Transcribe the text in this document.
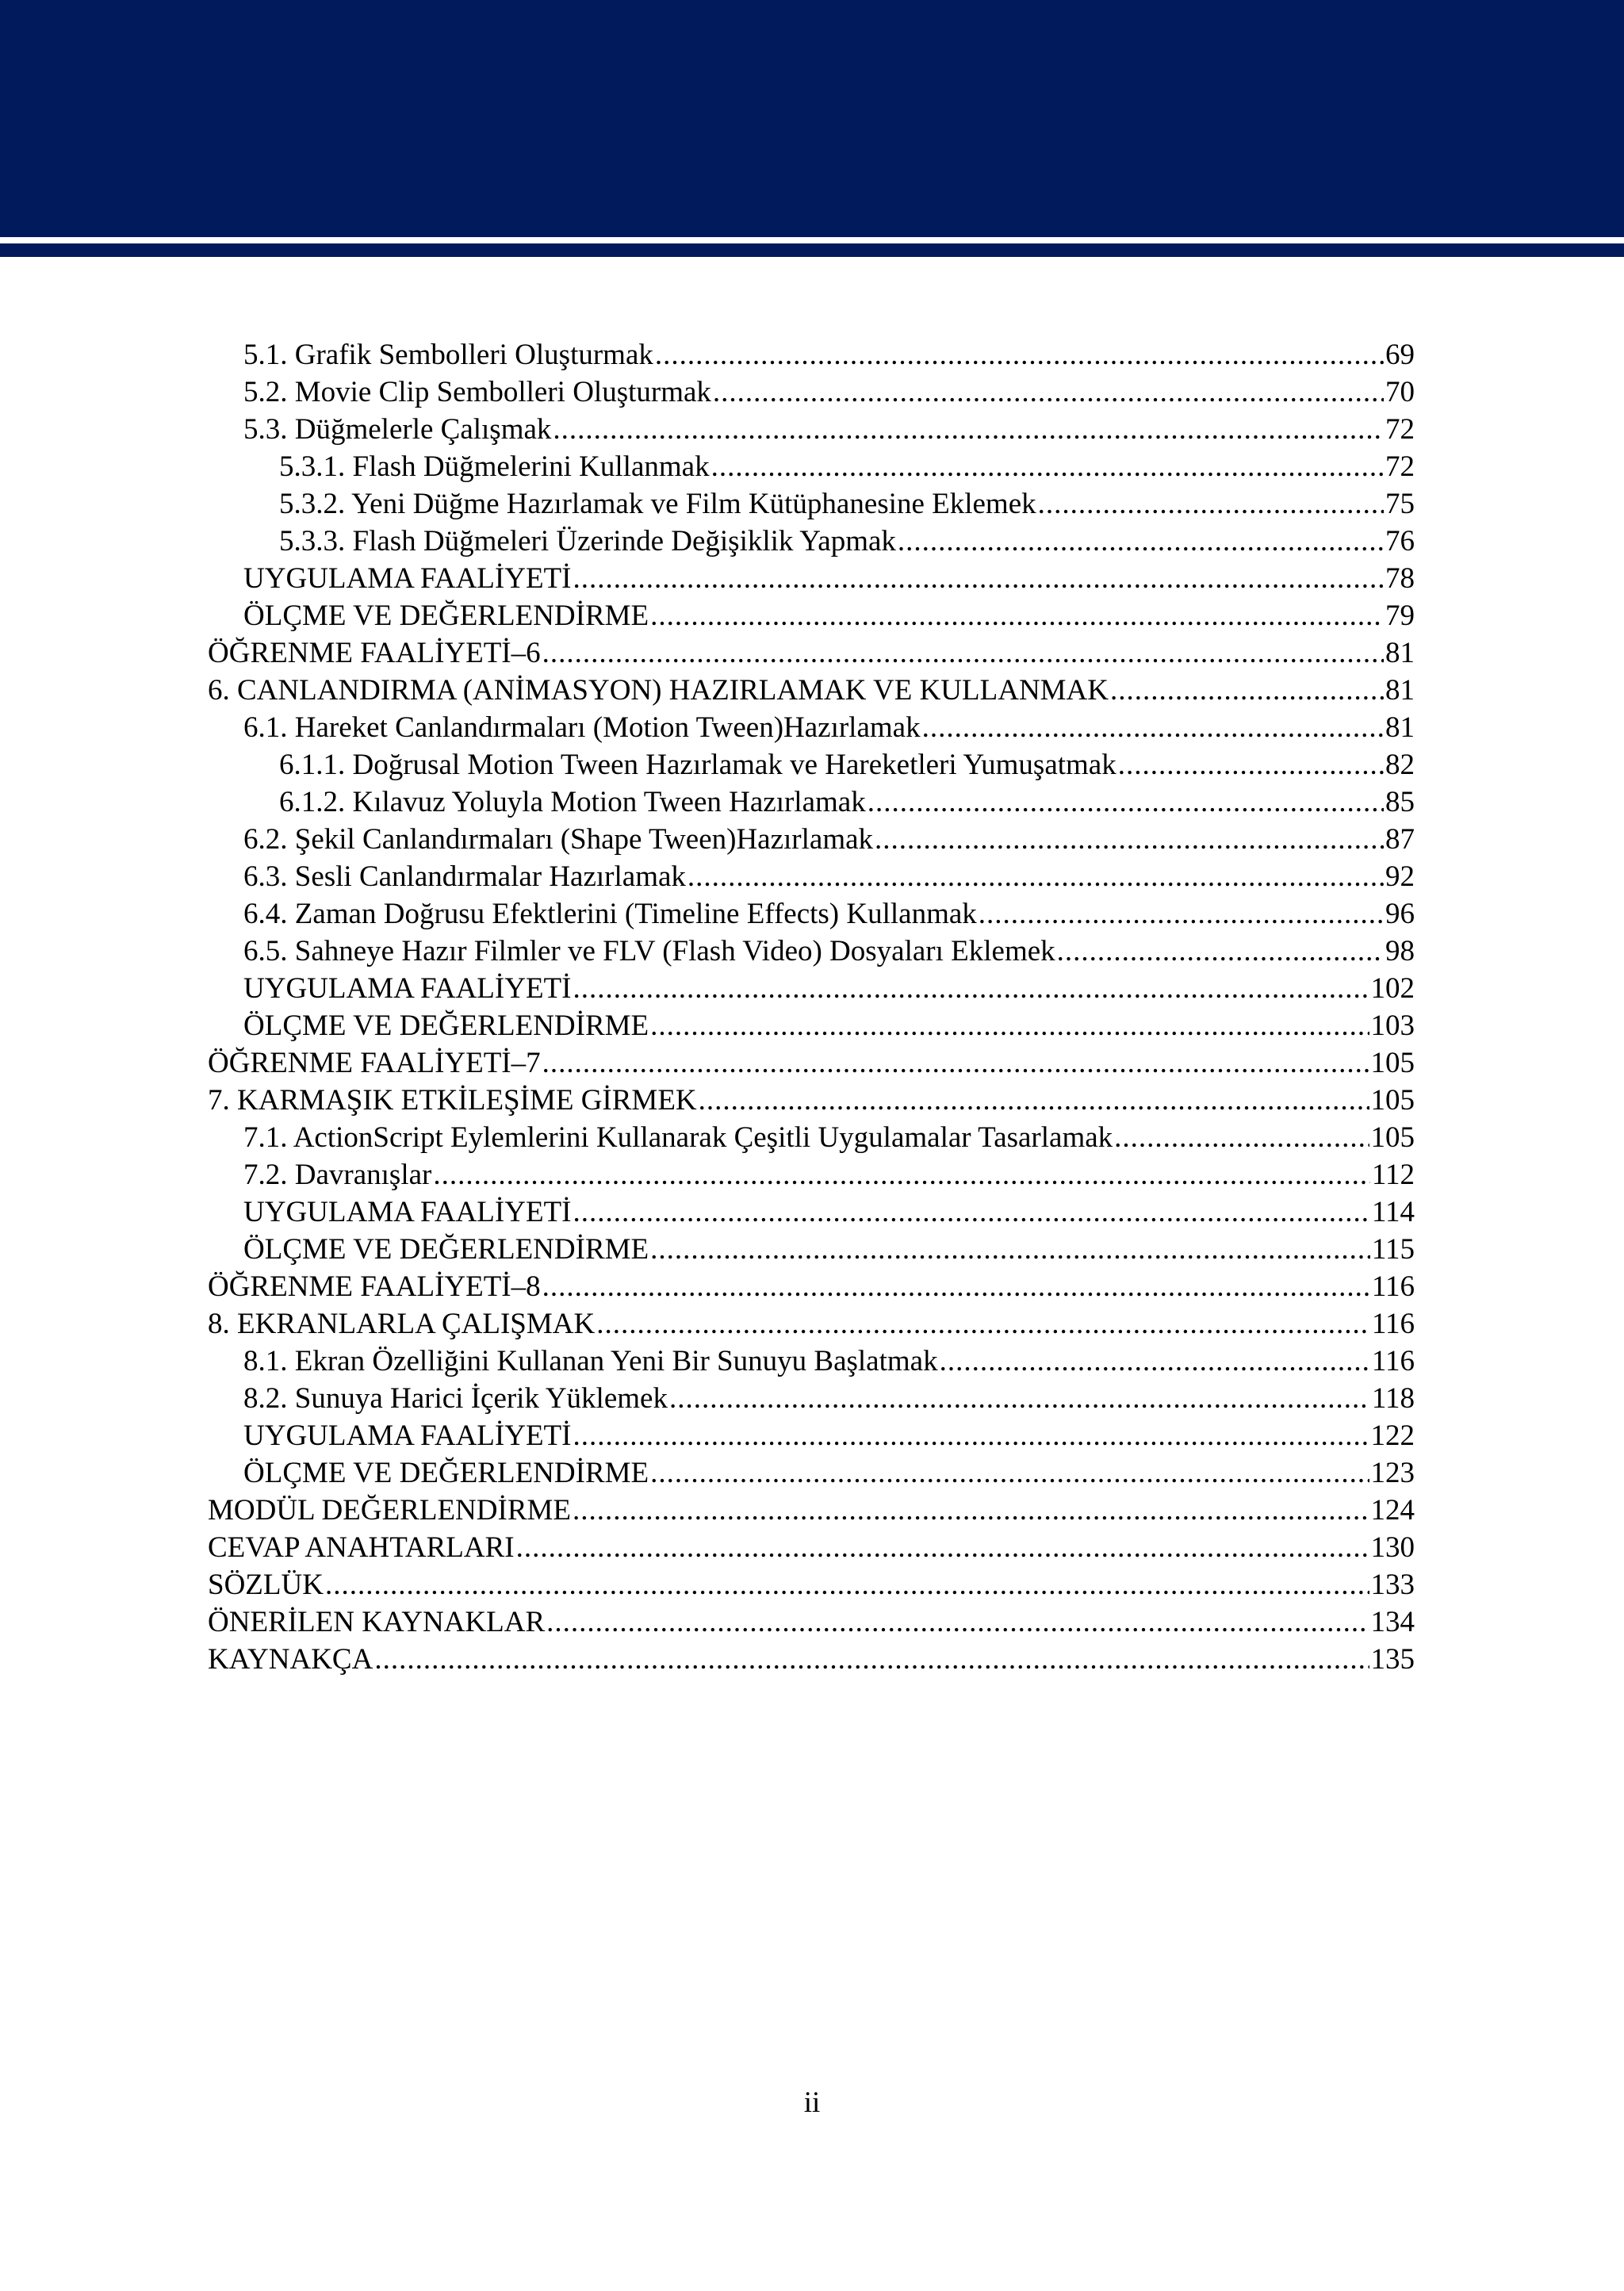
5.1. Grafik Sembolleri Oluşturmak .....	69
5.2. Movie Clip Sembolleri Oluşturmak .....	70
5.3. Düğmelerle Çalışmak .....	72
5.3.1. Flash Düğmelerini Kullanmak .....	72
5.3.2. Yeni Düğme Hazırlamak ve Film Kütüphanesine Eklemek .....	75
5.3.3. Flash Düğmeleri Üzerinde Değişiklik Yapmak .....	76
UYGULAMA FAALİYETİ .....	78
ÖLÇME VE DEĞERLENDİRME .....	79
ÖĞRENME FAALİYETİ–6 .....	81
6. CANLANDIRMA (ANİMASYON) HAZIRLAMAK VE KULLANMAK .....	81
6.1. Hareket Canlandırmaları (Motion Tween)Hazırlamak .....	81
6.1.1. Doğrusal Motion Tween Hazırlamak ve Hareketleri Yumuşatmak .....	82
6.1.2. Kılavuz Yoluyla Motion Tween Hazırlamak .....	85
6.2. Şekil Canlandırmaları (Shape Tween)Hazırlamak .....	87
6.3. Sesli Canlandırmalar Hazırlamak .....	92
6.4. Zaman Doğrusu Efektlerini (Timeline Effects) Kullanmak .....	96
6.5. Sahneye Hazır Filmler ve FLV (Flash Video) Dosyaları Eklemek .....	98
UYGULAMA FAALİYETİ .....	102
ÖLÇME VE DEĞERLENDİRME .....	103
ÖĞRENME FAALİYETİ–7 .....	105
7. KARMAŞIK ETKİLEŞİME GİRMEK .....	105
7.1. ActionScript Eylemlerini Kullanarak Çeşitli Uygulamalar Tasarlamak .....	105
7.2. Davranışlar .....	112
UYGULAMA FAALİYETİ .....	114
ÖLÇME VE DEĞERLENDİRME .....	115
ÖĞRENME FAALİYETİ–8 .....	116
8. EKRANLARLA ÇALIŞMAK .....	116
8.1. Ekran Özelliğini Kullanan Yeni Bir Sunuyu Başlatmak .....	116
8.2. Sunuya Harici İçerik Yüklemek .....	118
UYGULAMA FAALİYETİ .....	122
ÖLÇME VE DEĞERLENDİRME .....	123
MODÜL DEĞERLENDİRME .....	124
CEVAP ANAHTARLARI .....	130
SÖZLÜK .....	133
ÖNERİLEN KAYNAKLAR .....	134
KAYNAKÇA .....	135
ii
